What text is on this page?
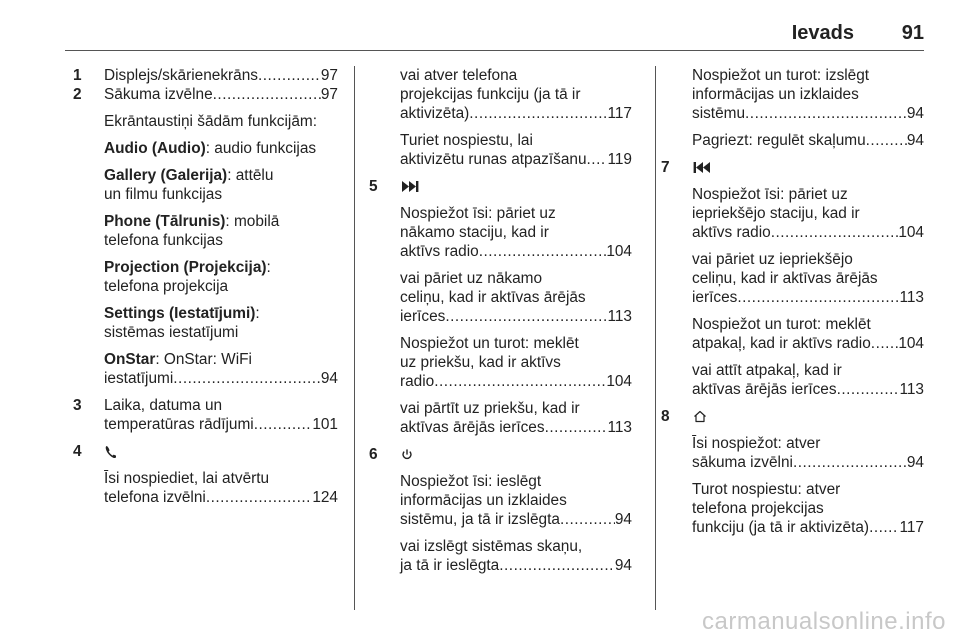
Ievads 91
1 Displejs/skārienekrāns .....	97
2 Sākuma izvēlne .....	97
Ekrāntaustiņi šādām funkcijām:
Audio (Audio): audio funkcijas
Gallery (Galerija): attēlu
un filmu funkcijas
Phone (Tālrunis): mobilā
telefona funkcijas
Projection (Projekcija):
telefona projekcija
Settings (Iestatījumi):
sistēmas iestatījumi
OnStar: OnStar: WiFi
iestatījumi .....	94
3 Laika, datuma un
temperatūras rādījumi .....	101
4
Īsi nospiediet, lai atvērtu
telefona izvēlni .....	124
vai atver telefona
projekcijas funkciju (ja tā ir
aktivizēta) .....	117
Turiet nospiestu, lai
aktivizētu runas atpazīšanu ..... 119
5
Nospiežot īsi: pāriet uz
nākamo staciju, kad ir
aktīvs radio .....	104
vai pāriet uz nākamo
celiņu, kad ir aktīvas ārējās
ierīces .....	113
Nospiežot un turot: meklēt
uz priekšu, kad ir aktīvs
radio .....	104
vai pārtīt uz priekšu, kad ir
aktīvas ārējās ierīces .....	113
6
Nospiežot īsi: ieslēgt
informācijas un izklaides
sistēmu, ja tā ir izslēgta .....	94
vai izslēgt sistēmas skaņu,
ja tā ir ieslēgta .....	94
Nospiežot un turot: izslēgt
informācijas un izklaides
sistēmu .....	94
Pagriezt: regulēt skaļumu .....	94
7
Nospiežot īsi: pāriet uz
iepriekšējo staciju, kad ir
aktīvs radio .....	104
vai pāriet uz iepriekšējo
celiņu, kad ir aktīvas ārējās
ierīces .....	113
Nospiežot un turot: meklēt
atpakaļ, kad ir aktīvs radio ..... 104
vai attīt atpakaļ, kad ir
aktīvas ārējās ierīces .....	113
8
Īsi nospiežot: atver
sākuma izvēlni .....	94
Turot nospiestu: atver
telefona projekcijas
funkciju (ja tā ir aktivizēta) ..... 117
carmanualsonline.info
